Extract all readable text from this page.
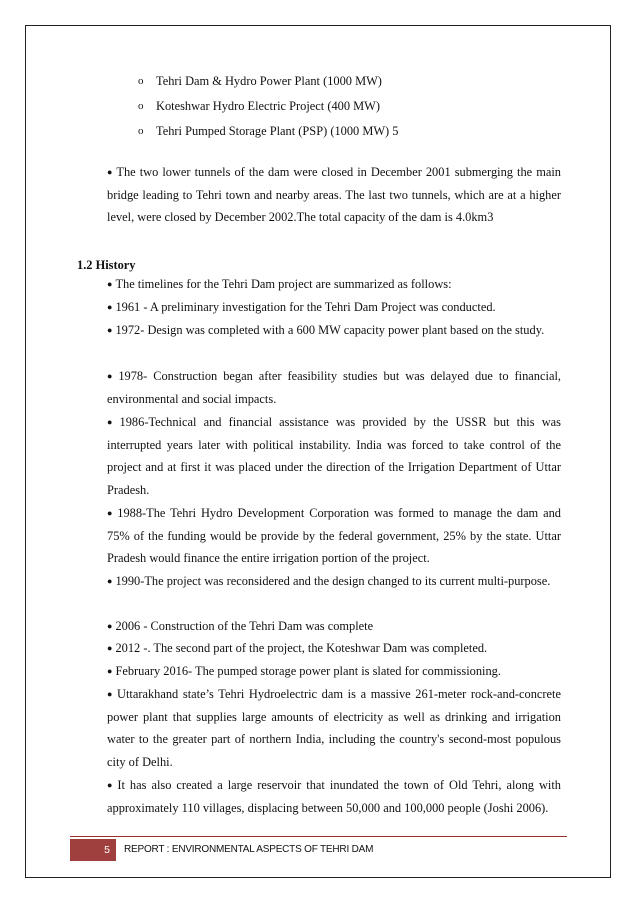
o Tehri Dam & Hydro Power Plant (1000 MW)
o Koteshwar Hydro Electric Project (400 MW)
o Tehri Pumped Storage Plant (PSP) (1000 MW) 5
● The two lower tunnels of the dam were closed in December 2001 submerging the main bridge leading to Tehri town and nearby areas. The last two tunnels, which are at a higher level, were closed by December 2002.The total capacity of the dam is 4.0km3
1.2 History
● The timelines for the Tehri Dam project are summarized as follows:
● 1961 - A preliminary investigation for the Tehri Dam Project was conducted.
● 1972- Design was completed with a 600 MW capacity power plant based on the study.
● 1978- Construction began after feasibility studies but was delayed due to financial, environmental and social impacts.
● 1986-Technical and financial assistance was provided by the USSR but this was interrupted years later with political instability. India was forced to take control of the project and at first it was placed under the direction of the Irrigation Department of Uttar Pradesh.
● 1988-The Tehri Hydro Development Corporation was formed to manage the dam and 75% of the funding would be provide by the federal government, 25% by the state. Uttar Pradesh would finance the entire irrigation portion of the project.
● 1990-The project was reconsidered and the design changed to its current multi-purpose.
● 2006 - Construction of the Tehri Dam was complete
● 2012 -. The second part of the project, the Koteshwar Dam was completed.
● February 2016- The pumped storage power plant is slated for commissioning.
● Uttarakhand state’s Tehri Hydroelectric dam is a massive 261-meter rock-and-concrete power plant that supplies large amounts of electricity as well as drinking and irrigation water to the greater part of northern India, including the country's second-most populous city of Delhi.
● It has also created a large reservoir that inundated the town of Old Tehri, along with approximately 110 villages, displacing between 50,000 and 100,000 people (Joshi 2006).
5	REPORT : ENVIRONMENTAL ASPECTS OF TEHRI DAM
